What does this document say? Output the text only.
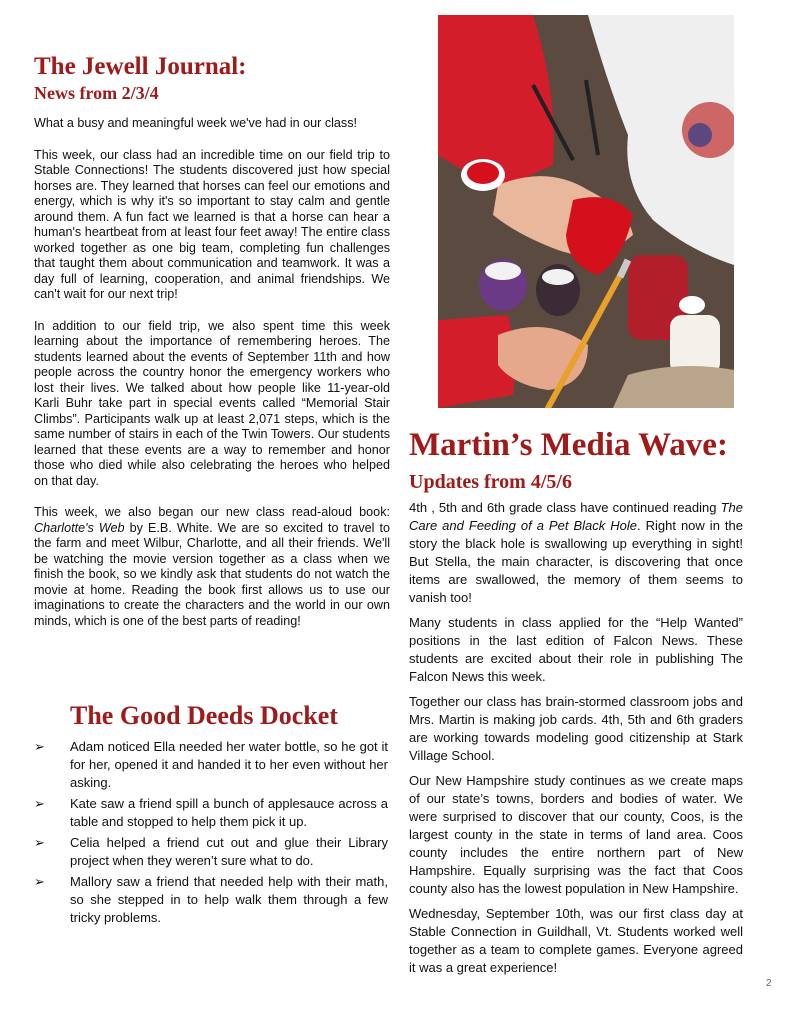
The Jewell Journal:
News from 2/3/4

What a busy and meaningful week we've had in our class!

This week, our class had an incredible time on our field trip to Stable Connections! The students discovered just how special horses are. They learned that horses can feel our emotions and energy, which is why it's so important to stay calm and gentle around them. A fun fact we learned is that a horse can hear a human's heartbeat from at least four feet away! The entire class worked together as one big team, completing fun challenges that taught them about communication and teamwork. It was a day full of learning, cooperation, and animal friendships. We can't wait for our next trip!

In addition to our field trip, we also spent time this week learning about the importance of remembering heroes. The students learned about the events of September 11th and how people across the country honor the emergency workers who lost their lives. We talked about how people like 11-year-old Karli Buhr take part in special events called “Memorial Stair Climbs”. Participants walk up at least 2,071 steps, which is the same number of stairs in each of the Twin Towers. Our students learned that these events are a way to remember and honor those who died while also celebrating the heroes who helped on that day.

This week, we also began our new class read-aloud book: Charlotte's Web by E.B. White. We are so excited to travel to the farm and meet Wilbur, Charlotte, and all their friends. We'll be watching the movie version together as a class when we finish the book, so we kindly ask that students do not watch the movie at home. Reading the book first allows us to use our imaginations to create the characters and the world in our own minds, which is one of the best parts of reading!

The Good Deeds Docket
➢ Adam noticed Ella needed her water bottle, so he got it for her, opened it and handed it to her even without her asking.
➢ Kate saw a friend spill a bunch of applesauce across a table and stopped to help them pick it up.
➢ Celia helped a friend cut out and glue their Library project when they weren’t sure what to do.
➢ Mallory saw a friend that needed help with their math, so she stepped in to help walk them through a few tricky problems.
Martin’s Media Wave:
Updates from 4/5/6

4th , 5th and 6th grade class have continued reading The Care and Feeding of a Pet Black Hole. Right now in the story the black hole is swallowing up everything in sight! But Stella, the main character, is discovering that once items are swallowed, the memory of them seems to vanish too!

Many students in class applied for the “Help Wanted” positions in the last edition of Falcon News. These students are excited about their role in publishing The Falcon News this week.

Together our class has brain-stormed classroom jobs and Mrs. Martin is making job cards. 4th, 5th and 6th graders are working towards modeling good citizenship at Stark Village School.

Our New Hampshire study continues as we create maps of our state’s towns, borders and bodies of water. We were surprised to discover that our county, Coos, is the largest county in the state in terms of land area. Coos county includes the entire northern part of New Hampshire. Equally surprising was the fact that Coos county also has the lowest population in New Hampshire.

Wednesday, September 10th, was our first class day at Stable Connection in Guildhall, Vt. Students worked well together as a team to complete games. Everyone agreed it was a great experience!

2
